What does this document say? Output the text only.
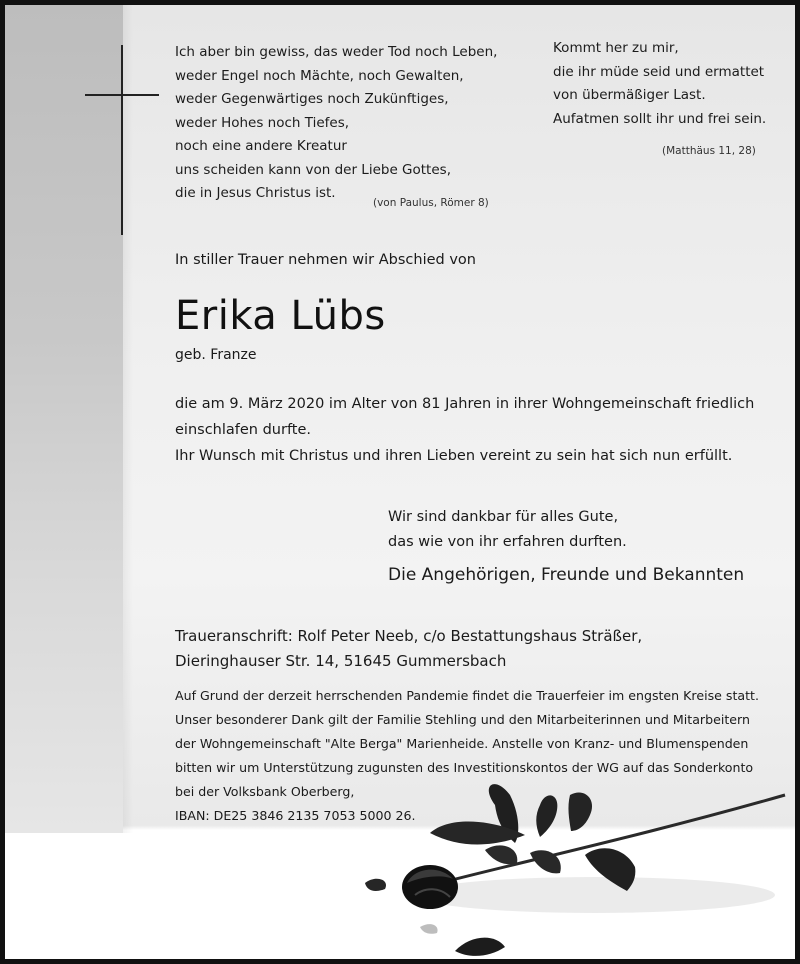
Ich aber bin gewiss, das weder Tod noch Leben,
weder Engel noch Mächte, noch Gewalten,
weder Gegenwärtiges noch Zukünftiges,
weder Hohes noch Tiefes,
noch eine andere Kreatur
uns scheiden kann von der Liebe Gottes,
die in Jesus Christus ist.
(von Paulus, Römer 8)
Kommt her zu mir,
die ihr müde seid und ermattet
von übermäßiger Last.
Aufatmen sollt ihr und frei sein.
(Matthäus 11, 28)
In stiller Trauer nehmen wir Abschied von
Erika Lübs
geb. Franze
die am 9. März 2020 im Alter von 81 Jahren in ihrer Wohngemeinschaft friedlich
einschlafen durfte.
Ihr Wunsch mit Christus und ihren Lieben vereint zu sein hat sich nun erfüllt.
Wir sind dankbar für alles Gute,
das wie von ihr erfahren durften.
Die Angehörigen, Freunde und Bekannten
Traueranschrift: Rolf Peter Neeb, c/o Bestattungshaus Sträßer,
Dieringhauser Str. 14, 51645 Gummersbach
Auf Grund der derzeit herrschenden Pandemie findet die Trauerfeier im engsten Kreise statt.
Unser besonderer Dank gilt der Familie Stehling und den Mitarbeiterinnen und Mitarbeitern
der Wohngemeinschaft "Alte Berga" Marienheide. Anstelle von Kranz- und Blumenspenden
bitten wir um Unterstützung zugunsten des Investitionskontos der WG auf das Sonderkonto
bei der Volksbank Oberberg,
IBAN: DE25 3846 2135 7053 5000 26.
